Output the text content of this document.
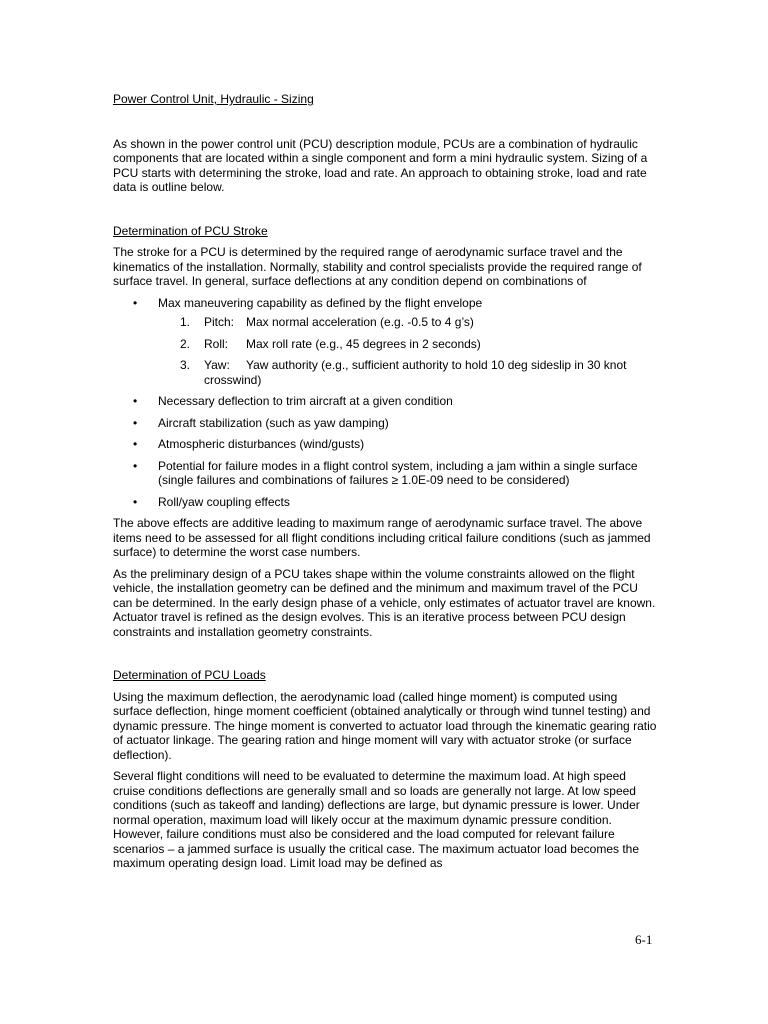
Power Control Unit, Hydraulic - Sizing

As shown in the power control unit (PCU) description module, PCUs are a combination of hydraulic components that are located within a single component and form a mini hydraulic system. Sizing of a PCU starts with determining the stroke, load and rate. An approach to obtaining stroke, load and rate data is outline below.

Determination of PCU Stroke

The stroke for a PCU is determined by the required range of aerodynamic surface travel and the kinematics of the installation. Normally, stability and control specialists provide the required range of surface travel. In general, surface deflections at any condition depend on combinations of

• Max maneuvering capability as defined by the flight envelope
1. Pitch: Max normal acceleration (e.g. -0.5 to 4 g’s)
2. Roll: Max roll rate (e.g., 45 degrees in 2 seconds)
3. Yaw: Yaw authority (e.g., sufficient authority to hold 10 deg sideslip in 30 knot crosswind)
• Necessary deflection to trim aircraft at a given condition
• Aircraft stabilization (such as yaw damping)
• Atmospheric disturbances (wind/gusts)
• Potential for failure modes in a flight control system, including a jam within a single surface (single failures and combinations of failures ≥ 1.0E-09 need to be considered)
• Roll/yaw coupling effects

The above effects are additive leading to maximum range of aerodynamic surface travel. The above items need to be assessed for all flight conditions including critical failure conditions (such as jammed surface) to determine the worst case numbers.

As the preliminary design of a PCU takes shape within the volume constraints allowed on the flight vehicle, the installation geometry can be defined and the minimum and maximum travel of the PCU can be determined. In the early design phase of a vehicle, only estimates of actuator travel are known. Actuator travel is refined as the design evolves. This is an iterative process between PCU design constraints and installation geometry constraints.

Determination of PCU Loads

Using the maximum deflection, the aerodynamic load (called hinge moment) is computed using surface deflection, hinge moment coefficient (obtained analytically or through wind tunnel testing) and dynamic pressure. The hinge moment is converted to actuator load through the kinematic gearing ratio of actuator linkage. The gearing ration and hinge moment will vary with actuator stroke (or surface deflection).

Several flight conditions will need to be evaluated to determine the maximum load. At high speed cruise conditions deflections are generally small and so loads are generally not large. At low speed conditions (such as takeoff and landing) deflections are large, but dynamic pressure is lower. Under normal operation, maximum load will likely occur at the maximum dynamic pressure condition. However, failure conditions must also be considered and the load computed for relevant failure scenarios – a jammed surface is usually the critical case. The maximum actuator load becomes the maximum operating design load. Limit load may be defined as

6-1
